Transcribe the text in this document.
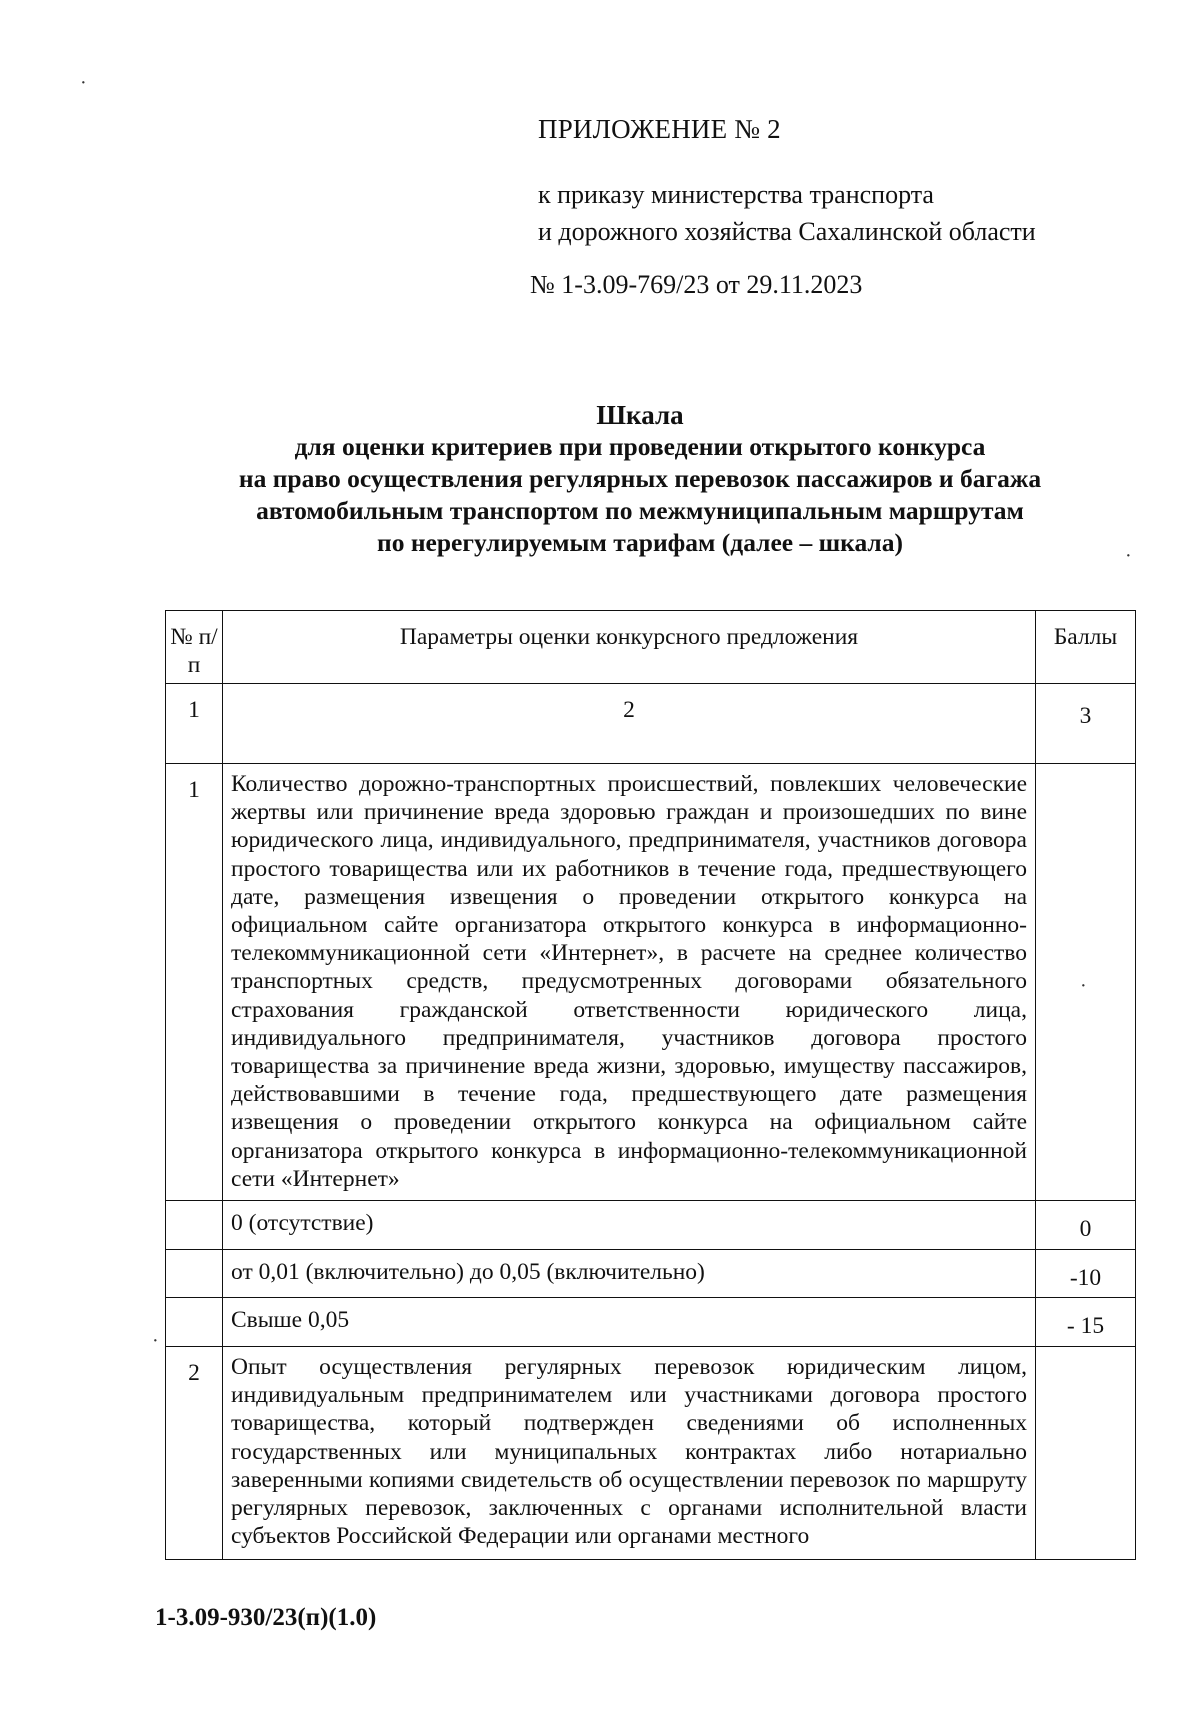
·
·
·
·
ПРИЛОЖЕНИЕ № 2
к приказу министерства транспорта
и дорожного хозяйства Сахалинской области
№ 1-3.09-769/23 от 29.11.2023
Шкала
для оценки критериев при проведении открытого конкурса
на право осуществления регулярных перевозок пассажиров и багажа
автомобильным транспортом по межмуниципальным маршрутам
по нерегулируемым тарифам (далее – шкала)
№ п/п	Параметры оценки конкурсного предложения	Баллы
1	2	3
1	Количество дорожно-транспортных происшествий, повлекших человеческие жертвы или причинение вреда здоровью граждан и произошедших по вине юридического лица, индивидуального, предпринимателя, участников договора простого товарищества или их работников в течение года, предшествующего дате, размещения извещения о проведении открытого конкурса на официальном сайте организатора открытого конкурса в информационно-телекоммуникационной сети «Интернет», в расчете на среднее количество транспортных средств, предусмотренных договорами обязательного страхования гражданской ответственности юридического лица, индивидуального предпринимателя, участников договора простого товарищества за причинение вреда жизни, здоровью, имуществу пассажиров, действовавшими в течение года, предшествующего дате размещения извещения о проведении открытого конкурса на официальном сайте организатора открытого конкурса в информационно-телекоммуникационной сети «Интернет»	
	0 (отсутствие)	0
	от 0,01 (включительно) до 0,05 (включительно)	-10
	Свыше 0,05	- 15
2	Опыт осуществления регулярных перевозок юридическим лицом, индивидуальным предпринимателем или участниками договора простого товарищества, который подтвержден сведениями об исполненных государственных или муниципальных контрактах либо нотариально заверенными копиями свидетельств об осуществлении перевозок по маршруту регулярных перевозок, заключенных с органами исполнительной власти субъектов Российской Федерации или органами местного	
1-3.09-930/23(п)(1.0)
